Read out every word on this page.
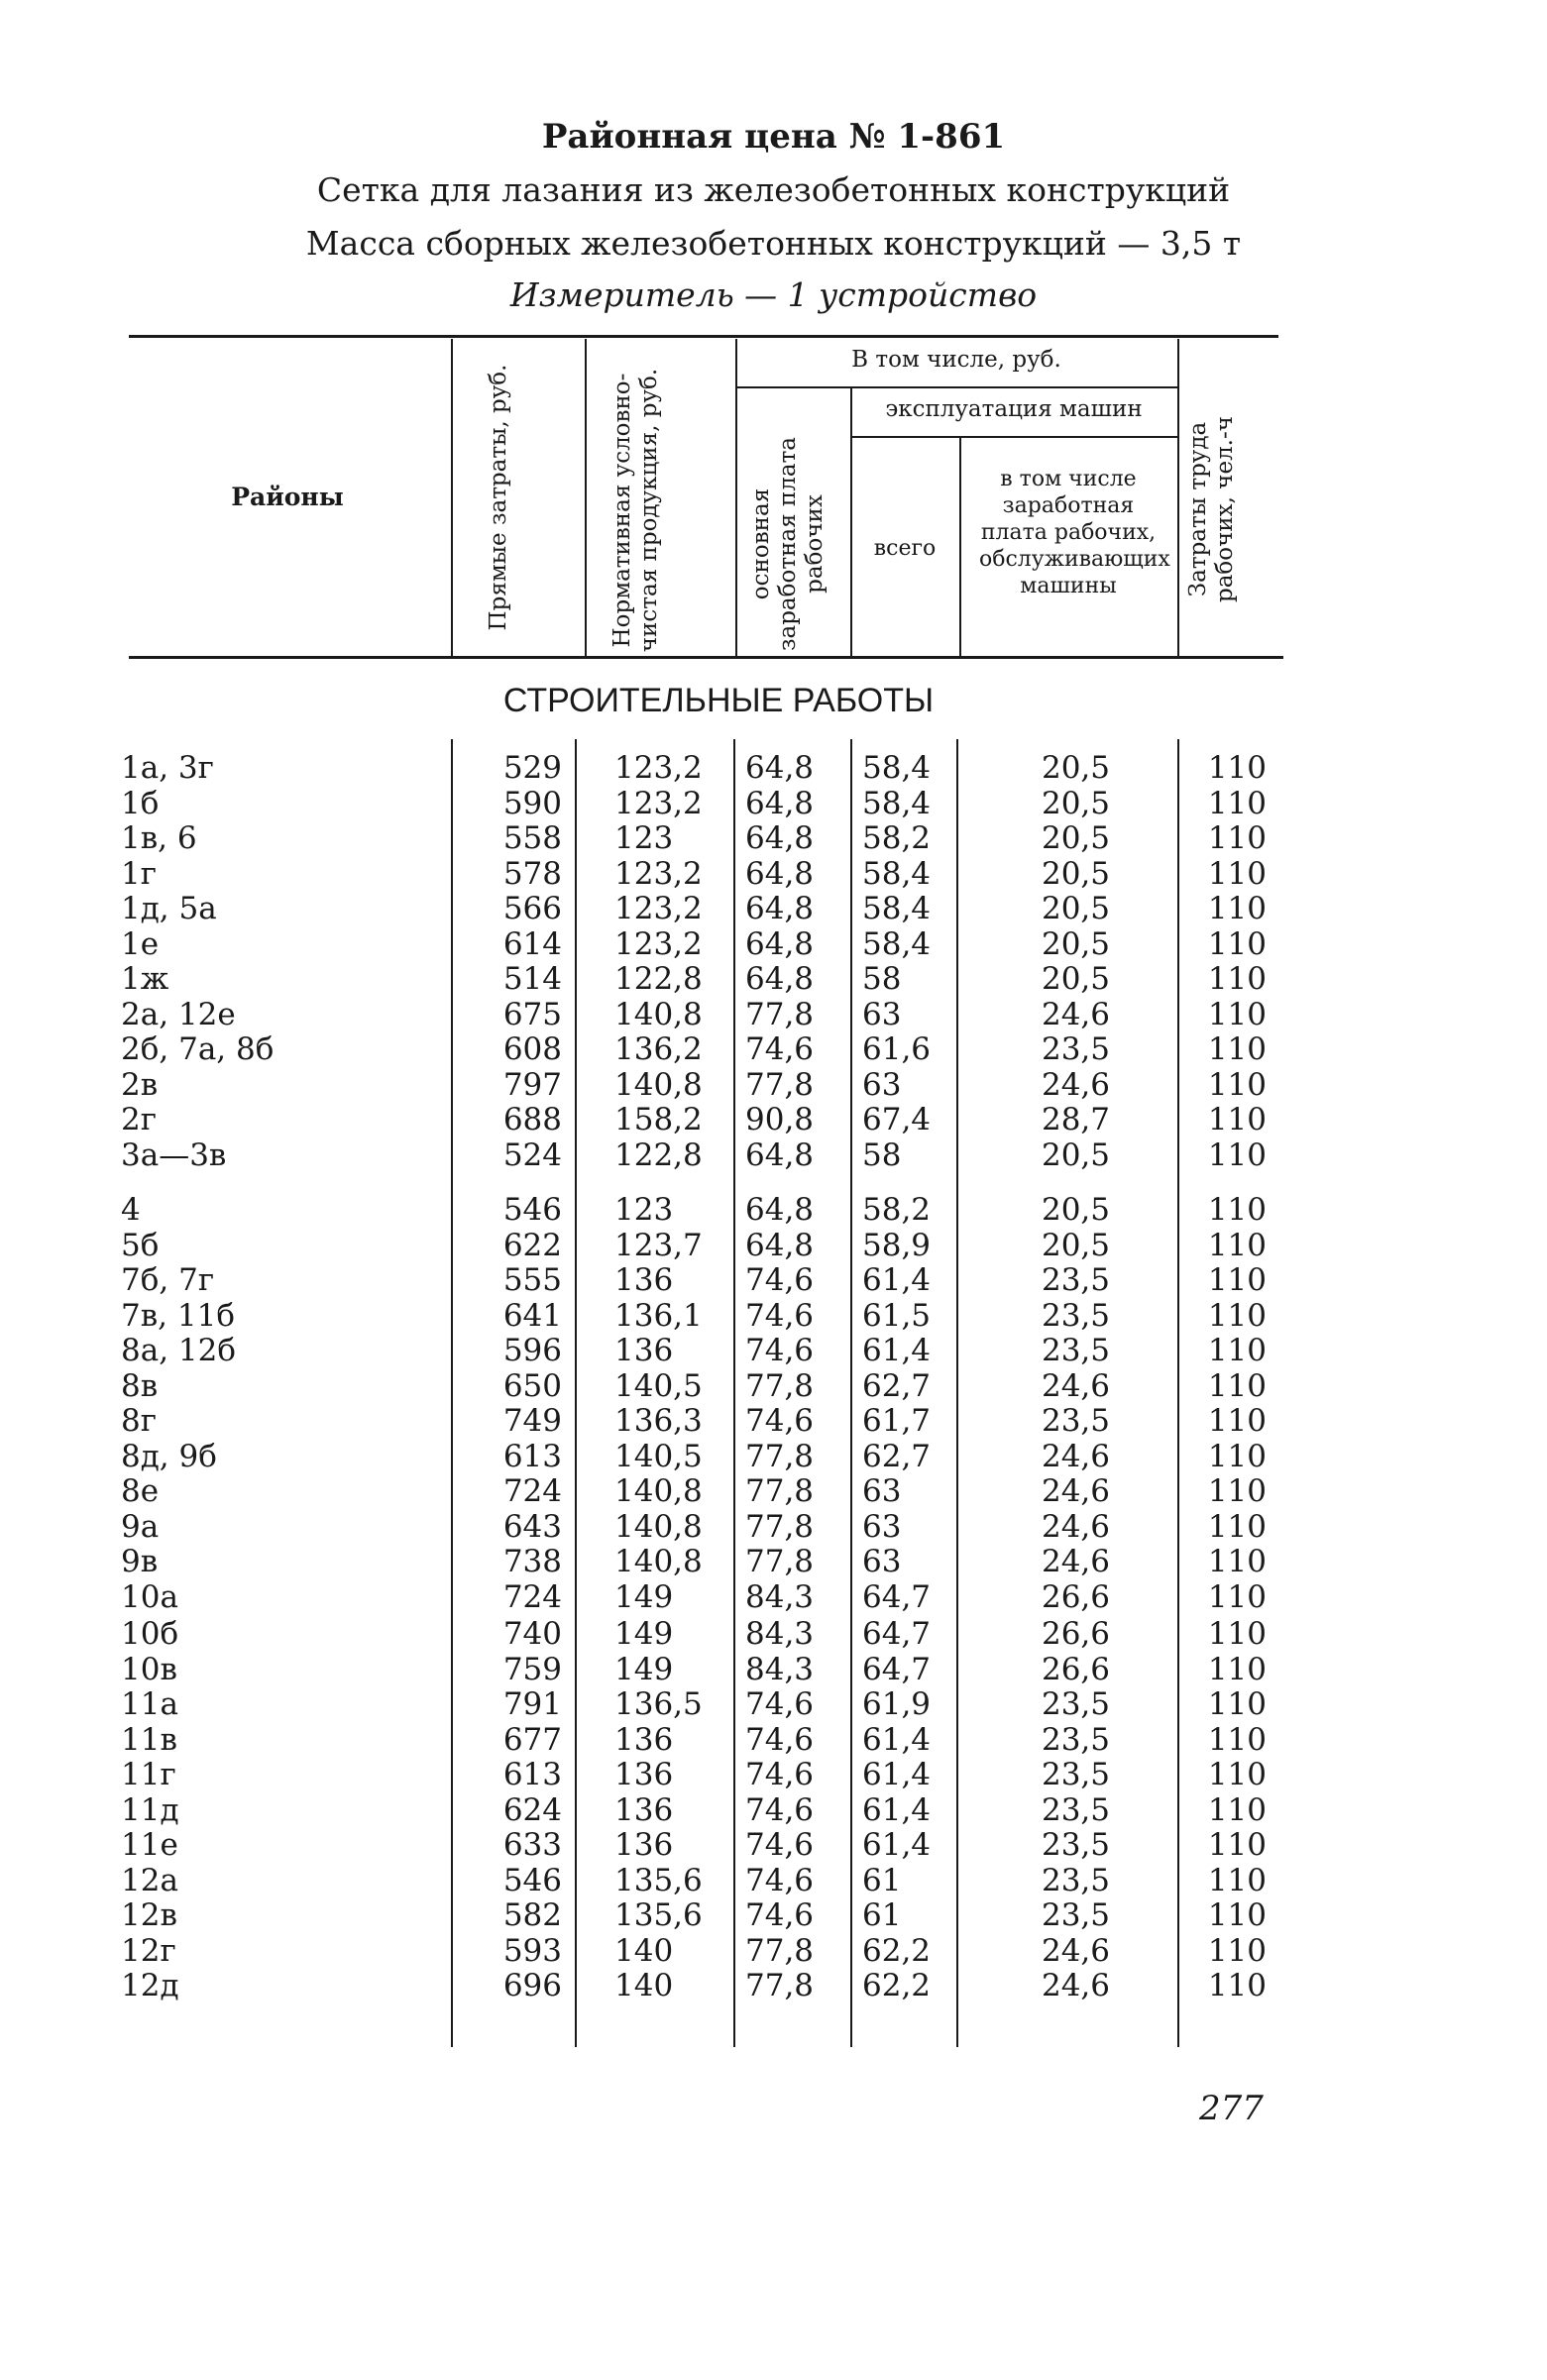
Районная цена № 1-861
Сетка для лазания из железобетонных конструкций
Масса сборных железобетонных конструкций — 3,5 т
Измеритель — 1 устройство
Районы	Прямые затраты, руб.	Нормативная условно-чистая продукция, руб.
В том числе, руб.
основная заработная плата рабочих
эксплуатация машин
всего
в том числе заработная плата рабочих, обслуживающих машины	Затраты труда рабочих, чел.-ч
СТРОИТЕЛЬНЫЕ РАБОТЫ
1а, 3г	529 123,2	64,8	58,4	20,5	110
1б	590 123,2	64,8	58,4	20,5	110
1в, 6	558 123	64,8	58,2	20,5	110
1г	578 123,2	64,8	58,4	20,5	110
1д, 5а	566 123,2	64,8	58,4	20,5	110
1е	614 123,2	64,8	58,4	20,5	110
1ж	514 122,8	64,8	58	20,5	110
2а, 12е	675 140,8	77,8	63	24,6	110
2б, 7а, 8б	608 136,2	74,6	61,6	23,5	110
2в	797 140,8	77,8	63	24,6	110
2г	688 158,2	90,8	67,4	28,7	110
3а—3в	524 122,8	64,8	58	20,5	110
4	546 123	64,8	58,2	20,5	110
5б	622 123,7	64,8	58,9	20,5	110
7б, 7г	555 136	74,6	61,4	23,5	110
7в, 11б	641 136,1	74,6	61,5	23,5	110
8а, 12б	596 136	74,6	61,4	23,5	110
8в	650 140,5	77,8	62,7	24,6	110
8г	749 136,3	74,6	61,7	23,5	110
8д, 9б	613 140,5	77,8	62,7	24,6	110
8е	724 140,8	77,8	63	24,6	110
9а	643 140,8	77,8	63	24,6	110
9в	738 140,8	77,8	63	24,6	110
10а	724 149	84,3	64,7	26,6	110
10б	740 149	84,3	64,7	26,6	110
10в	759 149	84,3	64,7	26,6	110
11а	791 136,5	74,6	61,9	23,5	110
11в	677 136	74,6	61,4	23,5	110
11г	613 136	74,6	61,4	23,5	110
11д	624 136	74,6	61,4	23,5	110
11е	633 136	74,6	61,4	23,5	110
12а	546 135,6	74,6	61	23,5	110
12в	582 135,6	74,6	61	23,5	110
12г	593 140	77,8	62,2	24,6	110
12д	696 140	77,8	62,2	24,6	110
277
